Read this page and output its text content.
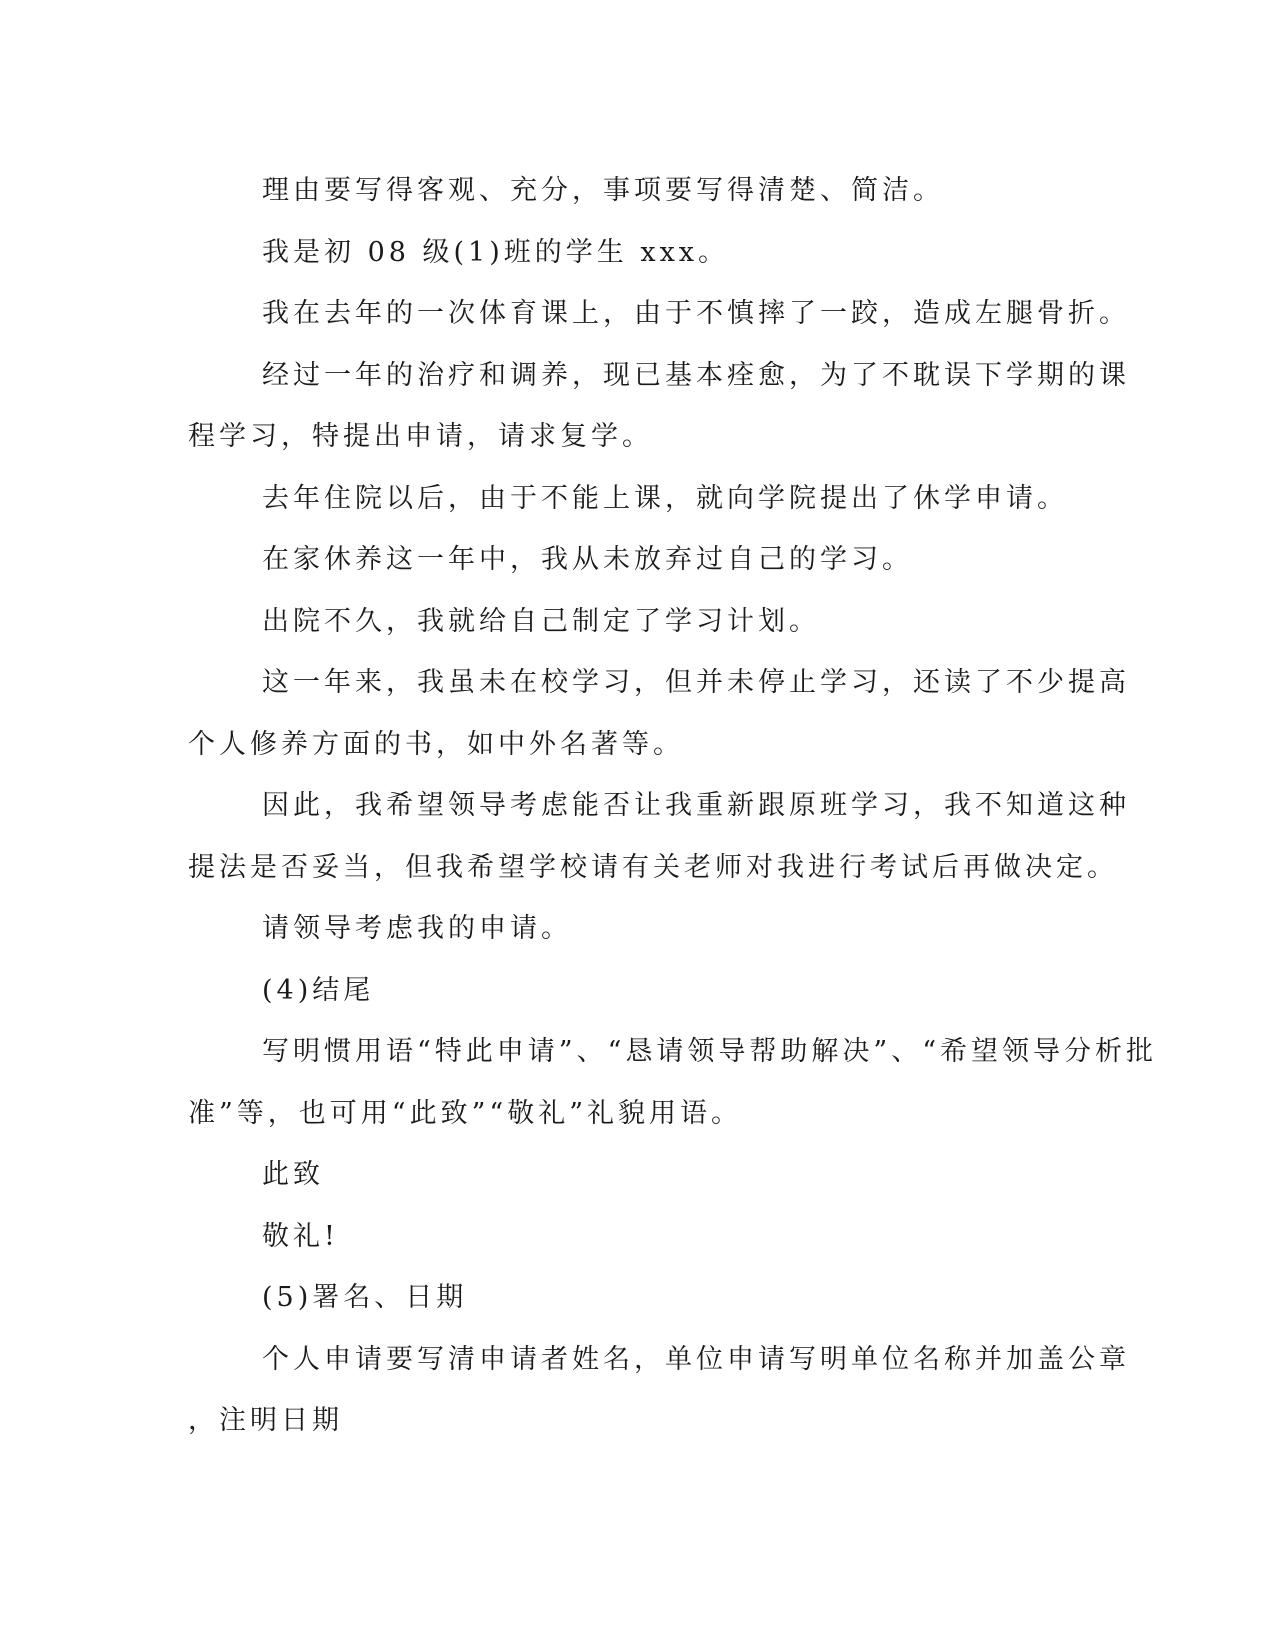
理由要写得客观、充分，事项要写得清楚、简洁。
我是初 08 级(1)班的学生 xxx。
我在去年的一次体育课上，由于不慎摔了一跤，造成左腿骨折。
经过一年的治疗和调养，现已基本痊愈，为了不耽误下学期的课
程学习，特提出申请，请求复学。
去年住院以后，由于不能上课，就向学院提出了休学申请。
在家休养这一年中，我从未放弃过自己的学习。
出院不久，我就给自己制定了学习计划。
这一年来，我虽未在校学习，但并未停止学习，还读了不少提高
个人修养方面的书，如中外名著等。
因此，我希望领导考虑能否让我重新跟原班学习，我不知道这种
提法是否妥当，但我希望学校请有关老师对我进行考试后再做决定。
请领导考虑我的申请。
(4)结尾
写明惯用语“特此申请”、“恳请领导帮助解决”、“希望领导分析批
准”等，也可用“此致”“敬礼”礼貌用语。
此致
敬礼!
(5)署名、日期
个人申请要写清申请者姓名，单位申请写明单位名称并加盖公章
，注明日期
